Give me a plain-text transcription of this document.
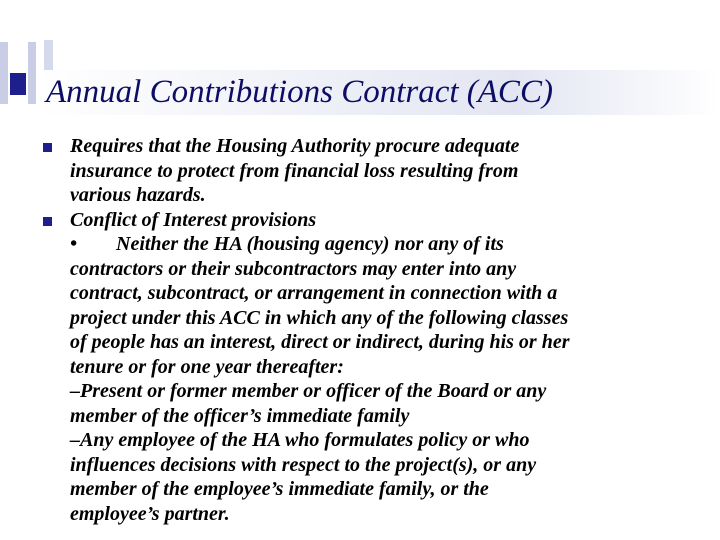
Annual Contributions Contract (ACC)
Requires that the Housing Authority procure adequate
insurance to protect from financial loss resulting from
various hazards.
Conflict of Interest provisions
• Neither the HA (housing agency) nor any of its
contractors or their subcontractors may enter into any
contract, subcontract, or arrangement in connection with a
project under this ACC in which any of the following classes
of people has an interest, direct or indirect, during his or her
tenure or for one year thereafter:
–Present or former member or officer of the Board or any
member of the officer’s immediate family
–Any employee of the HA who formulates policy or who
influences decisions with respect to the project(s), or any
member of the employee’s immediate family, or the
employee’s partner.
